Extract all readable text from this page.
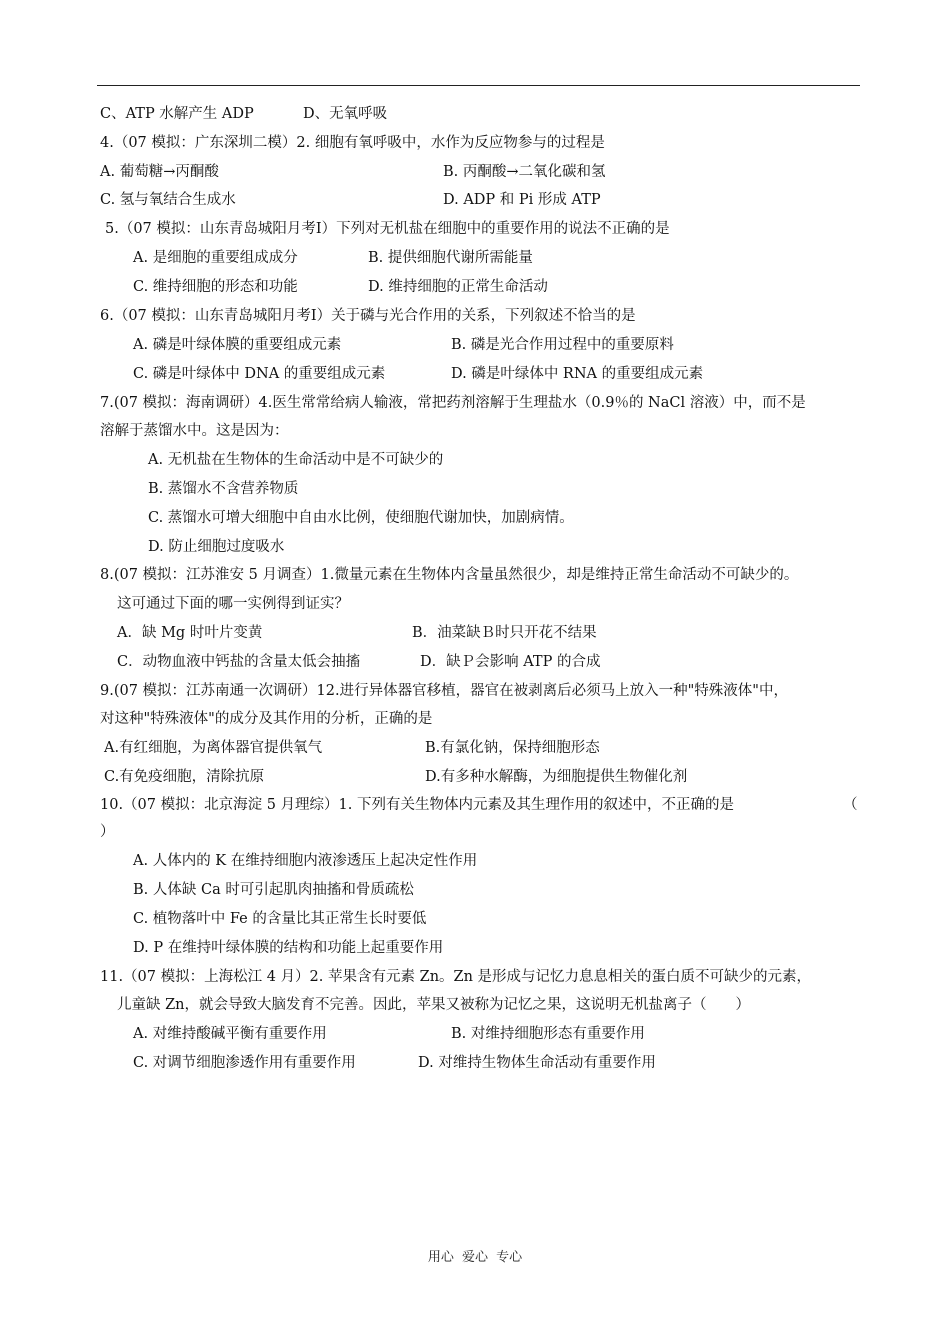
C、ATP 水解产生 ADP	D、无氧呼吸
4.（07 模拟：广东深圳二模）2. 细胞有氧呼吸中，水作为反应物参与的过程是
A. 葡萄糖→丙酮酸	B. 丙酮酸→二氧化碳和氢
C. 氢与氧结合生成水	D. ADP 和 Pi 形成 ATP
5.（07 模拟：山东青岛城阳月考Ⅰ）下列对无机盐在细胞中的重要作用的说法不正确的是
A. 是细胞的重要组成成分	B. 提供细胞代谢所需能量
C. 维持细胞的形态和功能	D. 维持细胞的正常生命活动
6.（07 模拟：山东青岛城阳月考Ⅰ）关于磷与光合作用的关系，下列叙述不恰当的是
A. 磷是叶绿体膜的重要组成元素	B. 磷是光合作用过程中的重要原料
C. 磷是叶绿体中 DNA 的重要组成元素	D. 磷是叶绿体中 RNA 的重要组成元素
7.(07 模拟：海南调研）4.医生常常给病人输液，常把药剂溶解于生理盐水（0.9％的 NaCl 溶液）中，而不是
溶解于蒸馏水中。这是因为：
A. 无机盐在生物体的生命活动中是不可缺少的
B. 蒸馏水不含营养物质
C. 蒸馏水可增大细胞中自由水比例，使细胞代谢加快，加剧病情。
D. 防止细胞过度吸水
8.(07 模拟：江苏淮安 5 月调查）1.微量元素在生物体内含量虽然很少，却是维持正常生命活动不可缺少的。
这可通过下面的哪一实例得到证实？
A．缺 Mg 时叶片变黄	B．油菜缺Ｂ时只开花不结果
C．动物血液中钙盐的含量太低会抽搐	D．缺Ｐ会影响 ATP 的合成
9.(07 模拟：江苏南通一次调研）12.进行异体器官移植，器官在被剥离后必须马上放入一种"特殊液体"中，
对这种"特殊液体"的成分及其作用的分析，正确的是
A.有红细胞，为离体器官提供氧气	B.有氯化钠，保持细胞形态
C.有免疫细胞，清除抗原	D.有多种水解酶，为细胞提供生物催化剂
10.（07 模拟：北京海淀 5 月理综）1. 下列有关生物体内元素及其生理作用的叙述中，不正确的是	（
）
A. 人体内的 K 在维持细胞内液渗透压上起决定性作用
B. 人体缺 Ca 时可引起肌肉抽搐和骨质疏松
C. 植物落叶中 Fe 的含量比其正常生长时要低
D. P 在维持叶绿体膜的结构和功能上起重要作用
11.（07 模拟：上海松江 4 月）2. 苹果含有元素 Zn。Zn 是形成与记忆力息息相关的蛋白质不可缺少的元素，
儿童缺 Zn，就会导致大脑发育不完善。因此，苹果又被称为记忆之果，这说明无机盐离子（　　）
A. 对维持酸碱平衡有重要作用	B. 对维持细胞形态有重要作用
C. 对调节细胞渗透作用有重要作用	D. 对维持生物体生命活动有重要作用
用心 爱心 专心
